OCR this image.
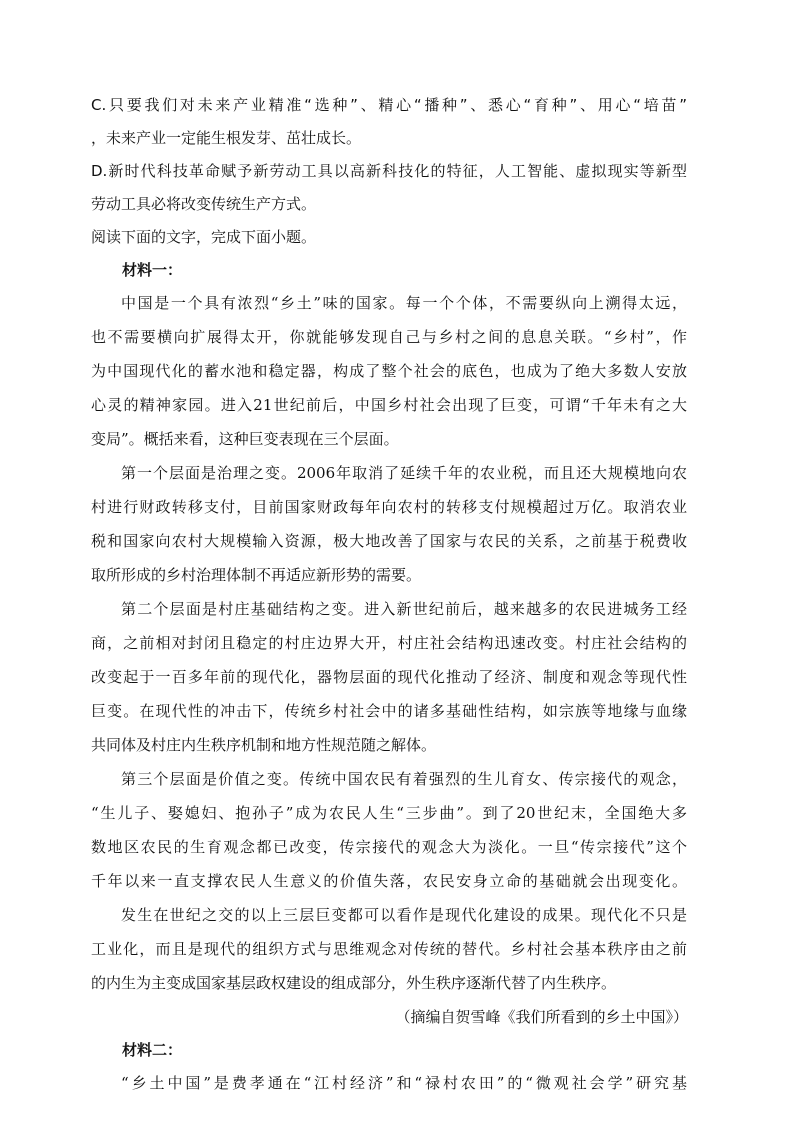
C.只要我们对未来产业精准“选种”、精心“播种”、悉心“育种”、用心“培苗”
，未来产业一定能生根发芽、茁壮成长。
D.新时代科技革命赋予新劳动工具以高新科技化的特征，人工智能、虚拟现实等新型
劳动工具必将改变传统生产方式。
阅读下面的文字，完成下面小题。
材料一：
中国是一个具有浓烈“乡土”味的国家。每一个个体，不需要纵向上溯得太远，
也不需要横向扩展得太开，你就能够发现自己与乡村之间的息息关联。“乡村”，作
为中国现代化的蓄水池和稳定器，构成了整个社会的底色，也成为了绝大多数人安放
心灵的精神家园。进入21世纪前后，中国乡村社会出现了巨变，可谓“千年未有之大
变局”。概括来看，这种巨变表现在三个层面。
第一个层面是治理之变。2006年取消了延续千年的农业税，而且还大规模地向农
村进行财政转移支付，目前国家财政每年向农村的转移支付规模超过万亿。取消农业
税和国家向农村大规模输入资源，极大地改善了国家与农民的关系，之前基于税费收
取所形成的乡村治理体制不再适应新形势的需要。
第二个层面是村庄基础结构之变。进入新世纪前后，越来越多的农民进城务工经
商，之前相对封闭且稳定的村庄边界大开，村庄社会结构迅速改变。村庄社会结构的
改变起于一百多年前的现代化，器物层面的现代化推动了经济、制度和观念等现代性
巨变。在现代性的冲击下，传统乡村社会中的诸多基础性结构，如宗族等地缘与血缘
共同体及村庄内生秩序机制和地方性规范随之解体。
第三个层面是价值之变。传统中国农民有着强烈的生儿育女、传宗接代的观念，
“生儿子、娶媳妇、抱孙子”成为农民人生“三步曲”。到了20世纪末，全国绝大多
数地区农民的生育观念都已改变，传宗接代的观念大为淡化。一旦“传宗接代”这个
千年以来一直支撑农民人生意义的价值失落，农民安身立命的基础就会出现变化。
发生在世纪之交的以上三层巨变都可以看作是现代化建设的成果。现代化不只是
工业化，而且是现代的组织方式与思维观念对传统的替代。乡村社会基本秩序由之前
的内生为主变成国家基层政权建设的组成部分，外生秩序逐渐代替了内生秩序。
（摘编自贺雪峰《我们所看到的乡土中国》）
材料二：
“乡土中国”是费孝通在“江村经济”和“禄村农田”的“微观社会学”研究基
